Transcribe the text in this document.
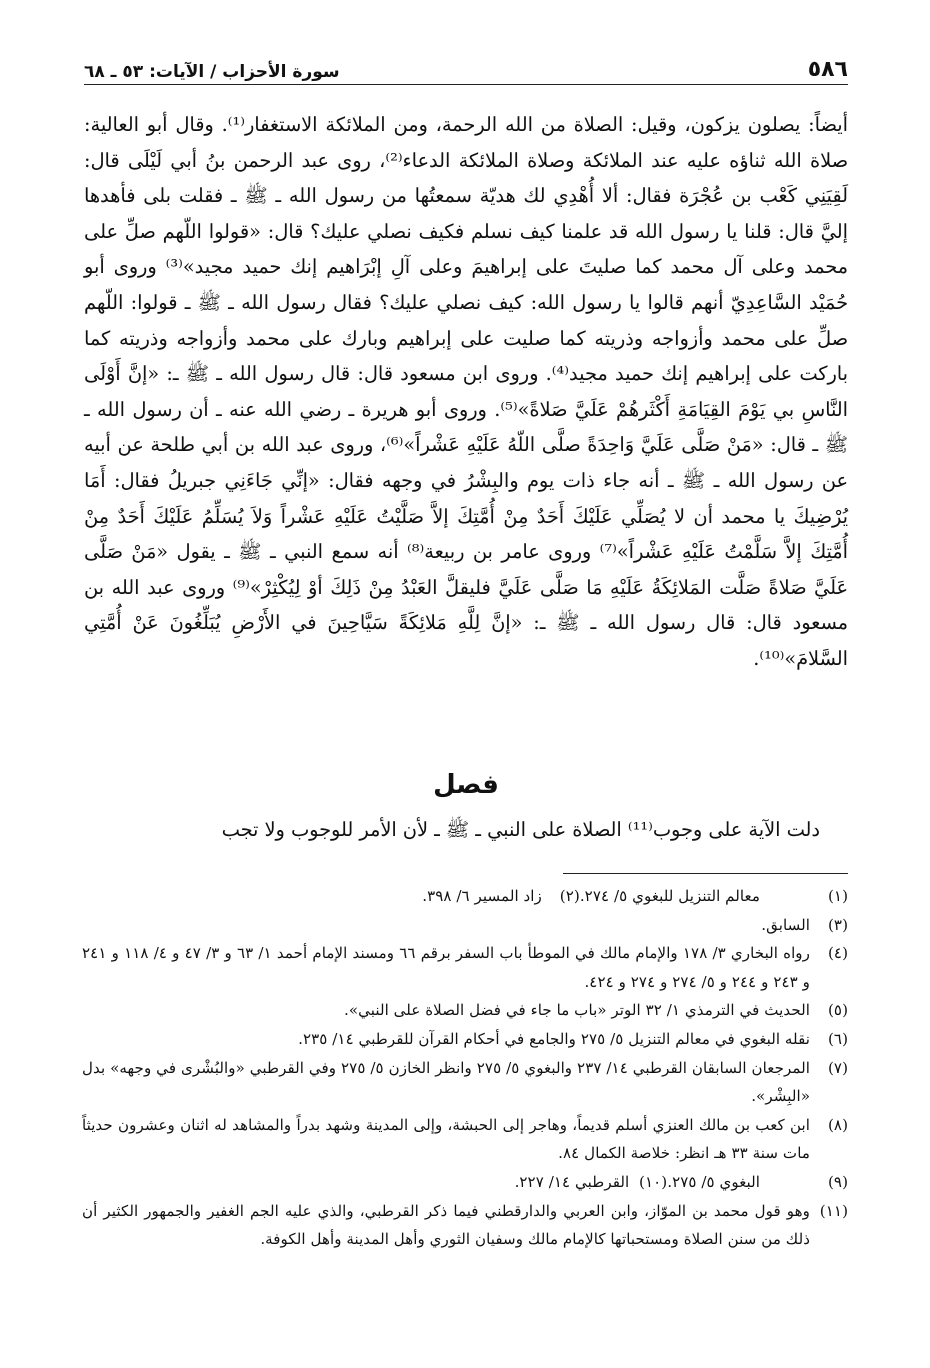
٥٨٦
سورة الأحزاب / الآيات: ٥٣ ـ ٦٨

أيضاً: يصلون يزكون، وقيل: الصلاة من الله الرحمة، ومن الملائكة الاستغفار⁽¹⁾. وقال أبو العالية: صلاة الله ثناؤه عليه عند الملائكة وصلاة الملائكة الدعاء⁽²⁾، روى عبد الرحمن بنُ أبي لَيْلَى قال: لَقِيَنِي كَعْب بن عُجْرَة فقال: ألا أُهْدِي لك هديّة سمعتُها من رسول الله ـ ﷺ ـ فقلت بلى فأهدها إليَّ قال: قلنا يا رسول الله قد علمنا كيف نسلم فكيف نصلي عليك؟ قال: «قولوا اللّهم صلِّ على محمد وعلى آل محمد كما صليتَ على إبراهيمَ وعلى آلِ إبْرَاهيم إنك حميد مجيد»⁽³⁾ وروى أبو حُمَيْد السَّاعِدِيّ أنهم قالوا يا رسول الله: كيف نصلي عليك؟ فقال رسول الله ـ ﷺ ـ قولوا: اللّهم صلِّ على محمد وأزواجه وذريته كما صليت على إبراهيم وبارك على محمد وأزواجه وذريته كما باركت على إبراهيم إنك حميد مجيد⁽⁴⁾. وروى ابن مسعود قال: قال رسول الله ـ ﷺ ـ: «إنَّ أَوْلَى النَّاسِ بي يَوْمَ القِيَامَةِ أَكْثَرهُمْ عَلَيَّ صَلاةً»⁽⁵⁾. وروى أبو هريرة ـ رضي الله عنه ـ أن رسول الله ـ ﷺ ـ قال: «مَنْ صَلَّى عَلَيَّ وَاحِدَةً صلَّى اللّهُ عَلَيْهِ عَشْراً»⁽⁶⁾، وروى عبد الله بن أبي طلحة عن أبيه عن رسول الله ـ ﷺ ـ أنه جاء ذات يوم والبِشْرُ في وجهه فقال: «إنِّي جَاءَنِي جبريلُ فقال: أَمَا يُرْضِيكَ يا محمد أن لا يُصَلِّي عَلَيْكَ أَحَدٌ مِنْ أُمَّتِكَ إلاَّ صَلَّيْتُ عَلَيْهِ عَشْراً وَلاَ يُسَلِّمُ عَلَيْكَ أَحَدٌ مِنْ أُمَّتِكَ إلاَّ سَلَّمْتُ عَلَيْهِ عَشْراً»⁽⁷⁾ وروى عامر بن ربيعة⁽⁸⁾ أنه سمع النبي ـ ﷺ ـ يقول «مَنْ صَلَّى عَلَيَّ صَلاةً صَلَّت المَلائِكَةُ عَلَيْهِ مَا صَلَّى عَلَيَّ فليقلَّ العَبْدُ مِنْ ذَلِكَ أوْ لِيُكْثِرْ»⁽⁹⁾ وروى عبد الله بن مسعود قال: قال رسول الله ـ ﷺ ـ: «إنَّ لِلَّهِ مَلائِكَةً سَيَّاحِينَ في الأَرْضِ يُبَلِّغُونَ عَنْ أُمَّتِي السَّلامَ»⁽¹⁰⁾.

فصل
دلت الآية على وجوب⁽¹¹⁾ الصلاة على النبي ـ ﷺ ـ لأن الأمر للوجوب ولا تجب
(١)
معالم التنزيل للبغوي ٥/ ٢٧٤.
(٢)
زاد المسير ٦/ ٣٩٨.
(٣)
السابق.
(٤)
رواه البخاري ٣/ ١٧٨ والإمام مالك في الموطأ باب السفر برقم ٦٦ ومسند الإمام أحمد ١/ ٦٣ و ٣/ ٤٧ و ٤/ ١١٨ و ٢٤١ و ٢٤٣ و ٢٤٤ و ٥/ ٢٧٤ و ٢٧٤ و ٤٢٤.
(٥)
الحديث في الترمذي ١/ ٣٢ الوتر «باب ما جاء في فضل الصلاة على النبي».
(٦)
نقله البغوي في معالم التنزيل ٥/ ٢٧٥ والجامع في أحكام القرآن للقرطبي ١٤/ ٢٣٥.
(٧)
المرجعان السابقان القرطبي ١٤/ ٢٣٧ والبغوي ٥/ ٢٧٥ وانظر الخازن ٥/ ٢٧٥ وفي القرطبي «والبُشْرى في وجهه» بدل «البِشْر».
(٨)
ابن كعب بن مالك العنزي أسلم قديماً، وهاجر إلى الحبشة، وإلى المدينة وشهد بدراً والمشاهد له اثنان وعشرون حديثاً مات سنة ٣٣ هـ انظر: خلاصة الكمال ٨٤.
(٩)
البغوي ٥/ ٢٧٥.
(١٠)
القرطبي ١٤/ ٢٢٧.
(١١)
وهو قول محمد بن الموّاز، وابن العربي والدارقطني فيما ذكر القرطبي، والذي عليه الجم الغفير والجمهور الكثير أن ذلك من سنن الصلاة ومستحباتها كالإمام مالك وسفيان الثوري وأهل المدينة وأهل الكوفة.
